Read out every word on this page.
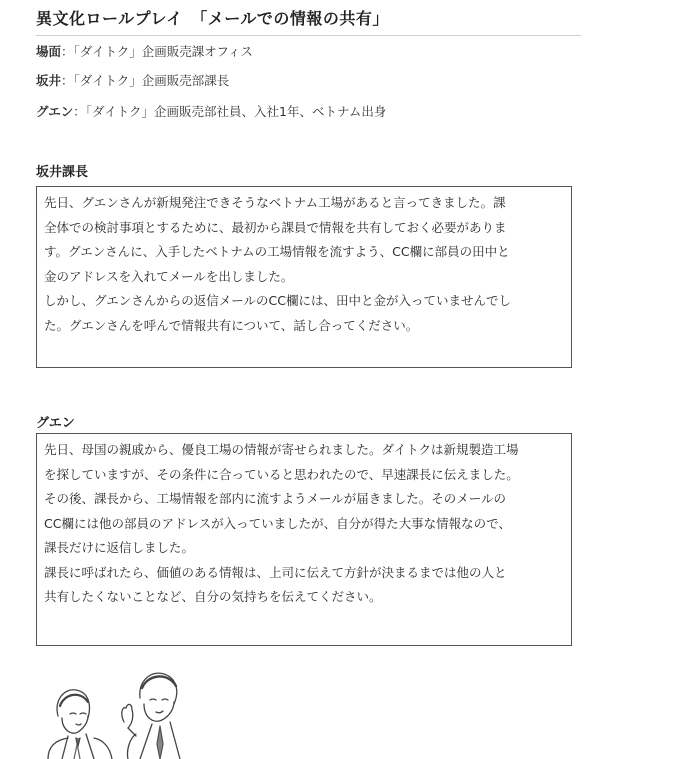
異文化ロールプレイ　「メールでの情報の共有」
場面：「ダイトク」企画販売課オフィス
坂井：「ダイトク」企画販売部課長
グエン：「ダイトク」企画販売部社員、入社1年、ベトナム出身
坂井課長

先日、グエンさんが新規発注できそうなベトナム工場があると言ってきました。課

全体での検討事項とするために、最初から課員で情報を共有しておく必要がありま

す。グエンさんに、入手したベトナムの工場情報を流すよう、CC欄に部員の田中と

金のアドレスを入れてメールを出しました。

しかし、グエンさんからの返信メールのCC欄には、田中と金が入っていませんでし

た。グエンさんを呼んで情報共有について、話し合ってください。

グエン

先日、母国の親戚から、優良工場の情報が寄せられました。ダイトクは新規製造工場

を探していますが、その条件に合っていると思われたので、早速課長に伝えました。

その後、課長から、工場情報を部内に流すようメールが届きました。そのメールの

CC欄には他の部員のアドレスが入っていましたが、自分が得た大事な情報なので、

課長だけに返信しました。

課長に呼ばれたら、価値のある情報は、上司に伝えて方針が決まるまでは他の人と

共有したくないことなど、自分の気持ちを伝えてください。
